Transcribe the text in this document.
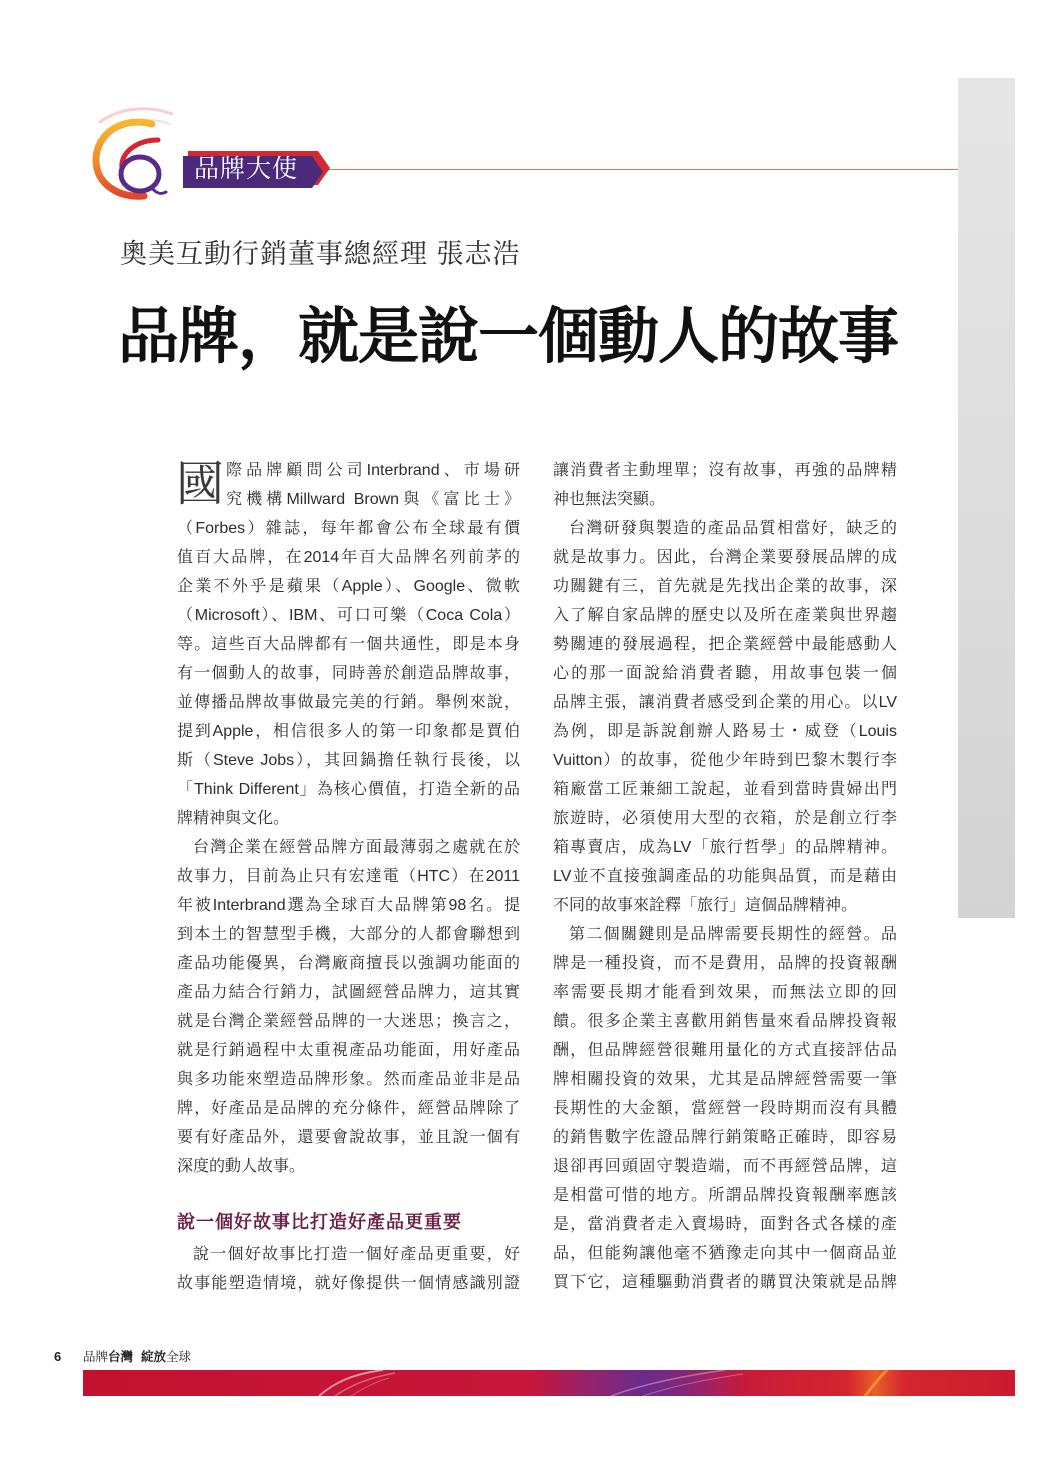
品牌大使
奧美互動行銷董事總經理 張志浩
品牌，就是說一個動人的故事
國 際品牌顧問公司Interbrand、市場研
究機構Millward Brown與《富比士》
（Forbes）雜誌，每年都會公布全球最有價
值百大品牌，在2014年百大品牌名列前茅的
企業不外乎是蘋果（Apple）、Google、微軟
（Microsoft）、IBM、可口可樂（Coca Cola）
等。這些百大品牌都有一個共通性，即是本身
有一個動人的故事，同時善於創造品牌故事，
並傳播品牌故事做最完美的行銷。舉例來說，
提到Apple，相信很多人的第一印象都是賈伯
斯（Steve Jobs），其回鍋擔任執行長後，以
「Think Different」為核心價值，打造全新的品
牌精神與文化。
台灣企業在經營品牌方面最薄弱之處就在於
故事力，目前為止只有宏達電（HTC）在2011
年被Interbrand選為全球百大品牌第98名。提
到本土的智慧型手機，大部分的人都會聯想到
產品功能優異，台灣廠商擅長以強調功能面的
產品力結合行銷力，試圖經營品牌力，這其實
就是台灣企業經營品牌的一大迷思；換言之，
就是行銷過程中太重視產品功能面，用好產品
與多功能來塑造品牌形象。然而產品並非是品
牌，好產品是品牌的充分條件，經營品牌除了
要有好產品外，還要會說故事，並且說一個有
深度的動人故事。
說一個好故事比打造好產品更重要
說一個好故事比打造一個好產品更重要，好
故事能塑造情境，就好像提供一個情感識別證
讓消費者主動埋單；沒有故事，再強的品牌精
神也無法突顯。
台灣研發與製造的產品品質相當好，缺乏的
就是故事力。因此，台灣企業要發展品牌的成
功關鍵有三，首先就是先找出企業的故事，深
入了解自家品牌的歷史以及所在產業與世界趨
勢關連的發展過程，把企業經營中最能感動人
心的那一面說給消費者聽，用故事包裝一個
品牌主張，讓消費者感受到企業的用心。以LV
為例，即是訴說創辦人路易士・威登（Louis
Vuitton）的故事，從他少年時到巴黎木製行李
箱廠當工匠兼細工說起，並看到當時貴婦出門
旅遊時，必須使用大型的衣箱，於是創立行李
箱專賣店，成為LV「旅行哲學」的品牌精神。
LV並不直接強調產品的功能與品質，而是藉由
不同的故事來詮釋「旅行」這個品牌精神。
第二個關鍵則是品牌需要長期性的經營。品
牌是一種投資，而不是費用，品牌的投資報酬
率需要長期才能看到效果，而無法立即的回
饋。很多企業主喜歡用銷售量來看品牌投資報
酬，但品牌經營很難用量化的方式直接評估品
牌相關投資的效果，尤其是品牌經營需要一筆
長期性的大金額，當經營一段時期而沒有具體
的銷售數字佐證品牌行銷策略正確時，即容易
退卻再回頭固守製造端，而不再經營品牌，這
是相當可惜的地方。所謂品牌投資報酬率應該
是，當消費者走入賣場時，面對各式各樣的產
品，但能夠讓他毫不猶豫走向其中一個商品並
買下它，這種驅動消費者的購買決策就是品牌
6 品牌台灣 綻放全球
